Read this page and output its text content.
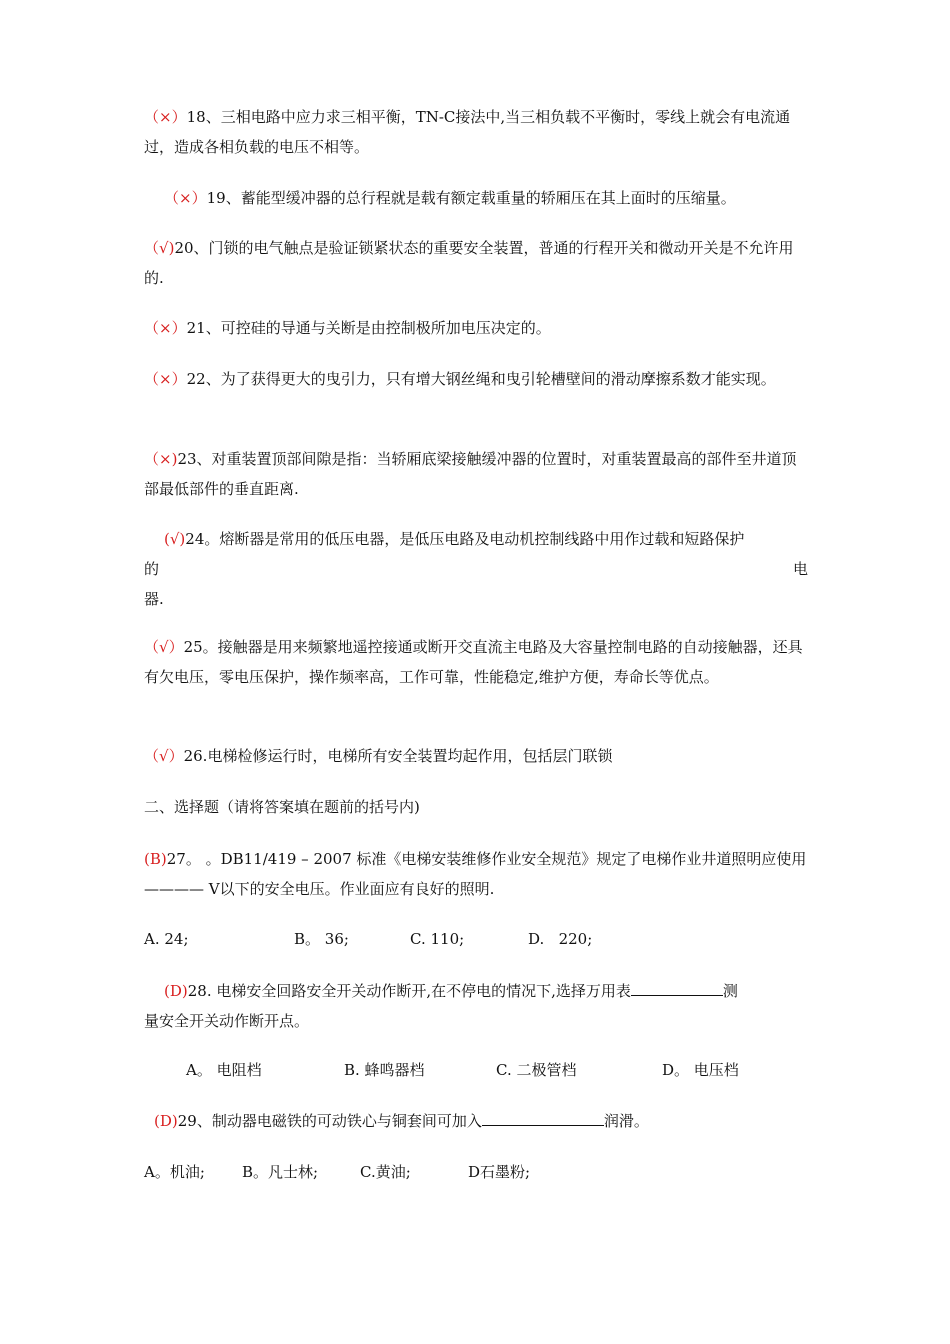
（×）18、三相电路中应力求三相平衡，TN-C接法中,当三相负载不平衡时，零线上就会有电流通过，造成各相负载的电压不相等。

（×）19、蓄能型缓冲器的总行程就是载有额定载重量的轿厢压在其上面时的压缩量。

（√)20、门锁的电气触点是验证锁紧状态的重要安全装置，普通的行程开关和微动开关是不允许用的.

（×）21、可控硅的导通与关断是由控制极所加电压决定的。

（×）22、为了获得更大的曳引力，只有增大钢丝绳和曳引轮槽壁间的滑动摩擦系数才能实现。

（×)23、对重装置顶部间隙是指：当轿厢底梁接触缓冲器的位置时，对重装置最高的部件至井道顶部最低部件的垂直距离.

(√)24。熔断器是常用的低压电器，是低压电路及电动机控制线路中用作过载和短路保护
的	电
器.

（√）25。接触器是用来频繁地遥控接通或断开交直流主电路及大容量控制电路的自动接触器，还具有欠电压，零电压保护，操作频率高，工作可靠，性能稳定,维护方便，寿命长等优点。

（√）26.电梯检修运行时，电梯所有安全装置均起作用，包括层门联锁

二、选择题（请将答案填在题前的括号内)

(B)27。 。DB11/419 – 2007 标准《电梯安装维修作业安全规范》规定了电梯作业井道照明应使用 ———— V以下的安全电压。作业面应有良好的照明.

A. 24;

	B。 36;

	C. 110;

	D.   220;

(D)28. 电梯安全回路安全开关动作断开,在不停电的情况下,选择万用表	测
量安全开关动作断开点。

A。 电阻档

	B. 蜂鸣器档

	C. 二极管档

	D。 电压档

(D)29、制动器电磁铁的可动铁心与铜套间可加入	润滑。

A。机油;

B。凡士林;

	C.黄油;

	D石墨粉;
